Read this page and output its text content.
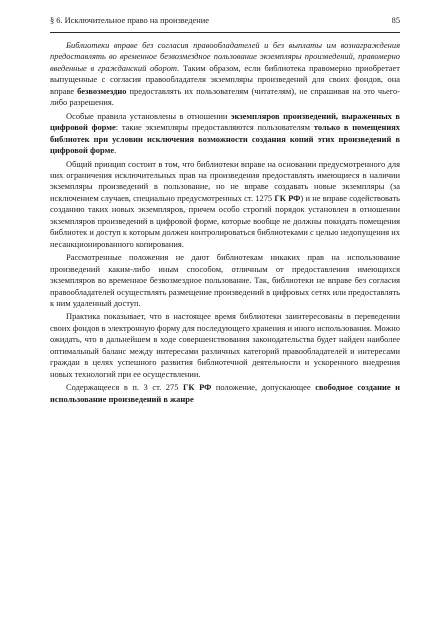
§ 6. Исключительное право на произведение	85

Библиотеки вправе без согласия правообладателей и без выплаты им вознаграждения предоставлять во временное безвозмездное пользование экземпляры произведений, правомерно введенные в гражданский оборот. Таким образом, если библиотека правомерно приобретает выпущенные с согласия правообладателя экземпляры произведений для своих фондов, она вправе безвозмездно предоставлять их пользователям (читателям), не спрашивая на это чьего-либо разрешения.

Особые правила установлены в отношении экземпляров произведений, выраженных в цифровой форме: такие экземпляры предоставляются пользователям только в помещениях библиотек при условии исключения возможности создания копий этих произведений в цифровой форме.

Общий принцип состоит в том, что библиотеки вправе на основании предусмотренного для них ограничения исключительных прав на произведения предоставлять имеющиеся в наличии экземпляры произведений в пользование, но не вправе создавать новые экземпляры (за исключением случаев, специально предусмотренных ст. 1275 ГК РФ) и не вправе содействовать созданию таких новых экземпляров, причем особо строгий порядок установлен в отношении экземпляров произведений в цифровой форме, которые вообще не должны покидать помещения библиотек и доступ к которым должен контролироваться библиотеками с целью недопущения их несанкционированного копирования.

Рассмотренные положения не дают библиотекам никаких прав на использование произведений каким-либо иным способом, отличным от предоставления имеющихся экземпляров во временное безвозмездное пользование. Так, библиотеки не вправе без согласия правообладателей осуществлять размещение произведений в цифровых сетях или предоставлять к ним удаленный доступ.

Практика показывает, что в настоящее время библиотеки заинтересованы в переведении своих фондов в электронную форму для последующего хранения и иного использования. Можно ожидать, что в дальнейшем в ходе совершенствования законодательства будет найден наиболее оптимальный баланс между интересами различных категорий правообладателей и интересами граждан в целях успешного развития библиотечной деятельности и ускоренного внедрения новых технологий при ее осуществлении.

Содержащееся в п. 3 ст. 275 ГК РФ положение, допускающее свободное создание и использование произведений в жанре
